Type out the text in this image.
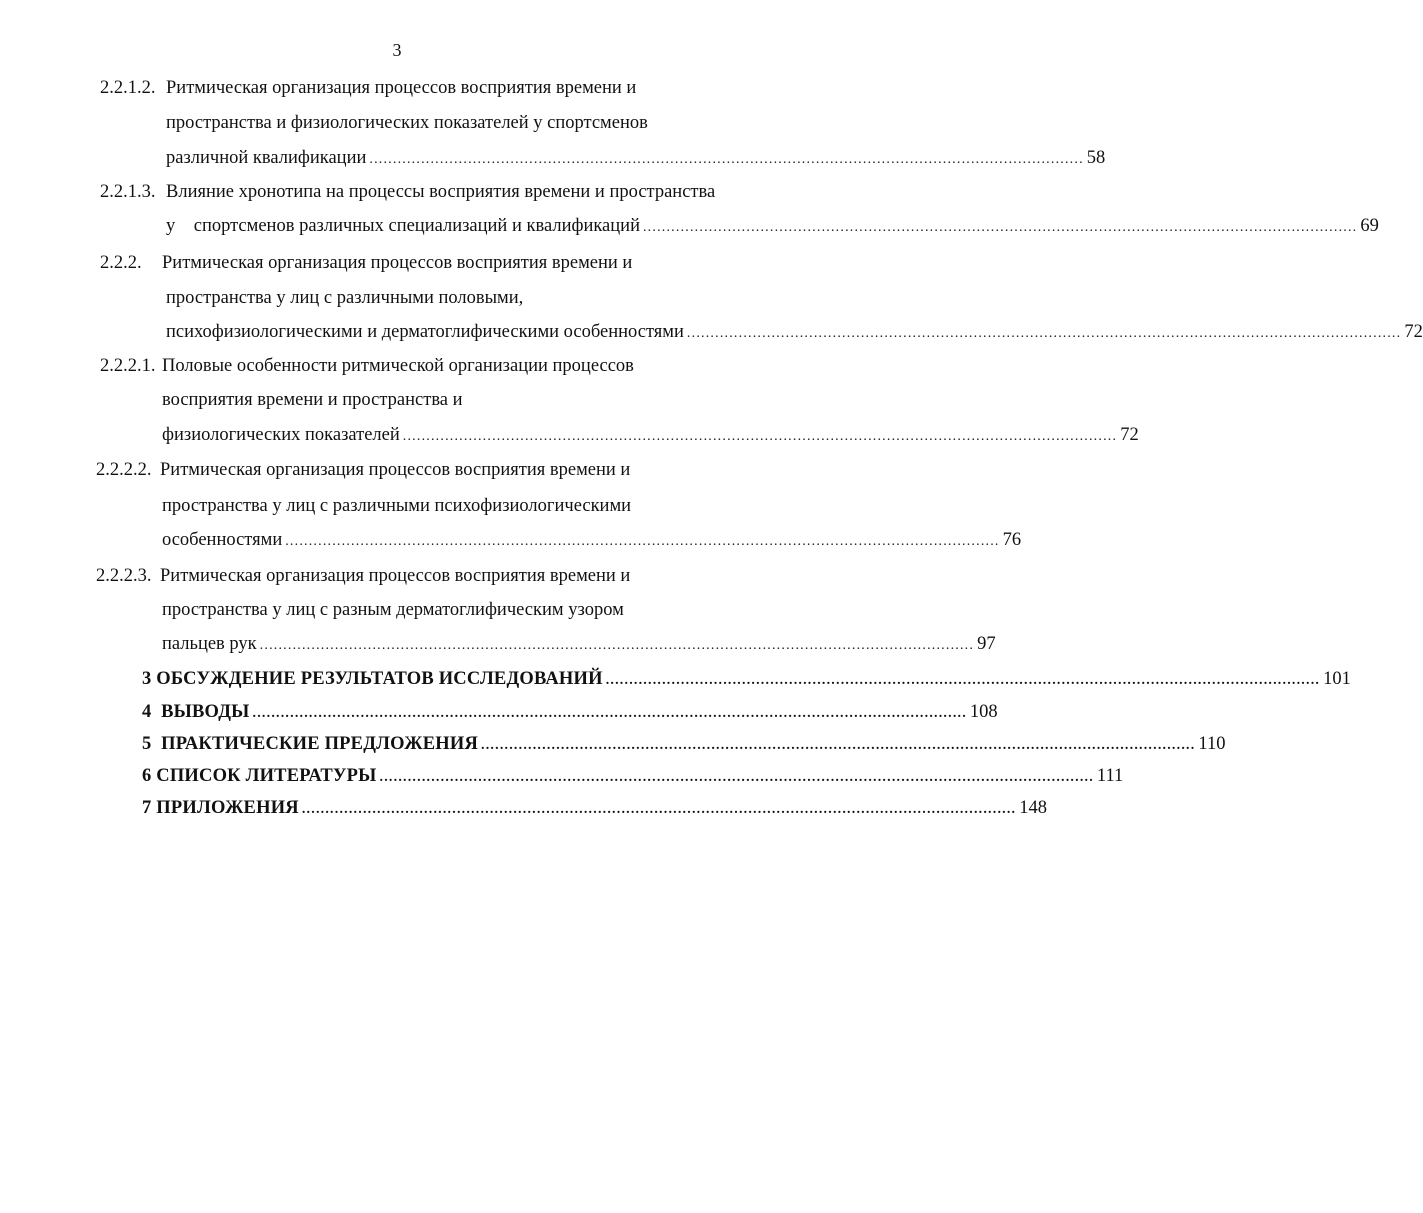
3
2.2.1.2. Ритмическая организация процессов восприятия времени и
пространства и физиологических показателей у спортсменов
различной квалификации ........................................................................................................................................................ 58
2.2.1.3. Влияние хронотипа на процессы восприятия времени и пространства
у    спортсменов различных специализаций и квалификаций ........................................................................................................................................................ 69
2.2.2. Ритмическая организация процессов восприятия времени и
пространства у лиц с различными половыми,
психофизиологическими и дерматоглифическими особенностями ........................................................................................................................................................ 72
2.2.2.1. Половые особенности ритмической организации процессов
восприятия времени и пространства и
физиологических показателей ........................................................................................................................................................ 72
2.2.2.2. Ритмическая организация процессов восприятия времени и
пространства у лиц с различными психофизиологическими
особенностями ........................................................................................................................................................ 76
2.2.2.3. Ритмическая организация процессов восприятия времени и
пространства у лиц с разным дерматоглифическим узором
пальцев рук ........................................................................................................................................................ 97
3 ОБСУЖДЕНИЕ РЕЗУЛЬТАТОВ ИССЛЕДОВАНИЙ ........................................................................................................................................................ 101
4  ВЫВОДЫ ........................................................................................................................................................ 108
5  ПРАКТИЧЕСКИЕ ПРЕДЛОЖЕНИЯ ........................................................................................................................................................ 110
6 СПИСОК ЛИТЕРАТУРЫ ........................................................................................................................................................ 111
7 ПРИЛОЖЕНИЯ ........................................................................................................................................................ 148
